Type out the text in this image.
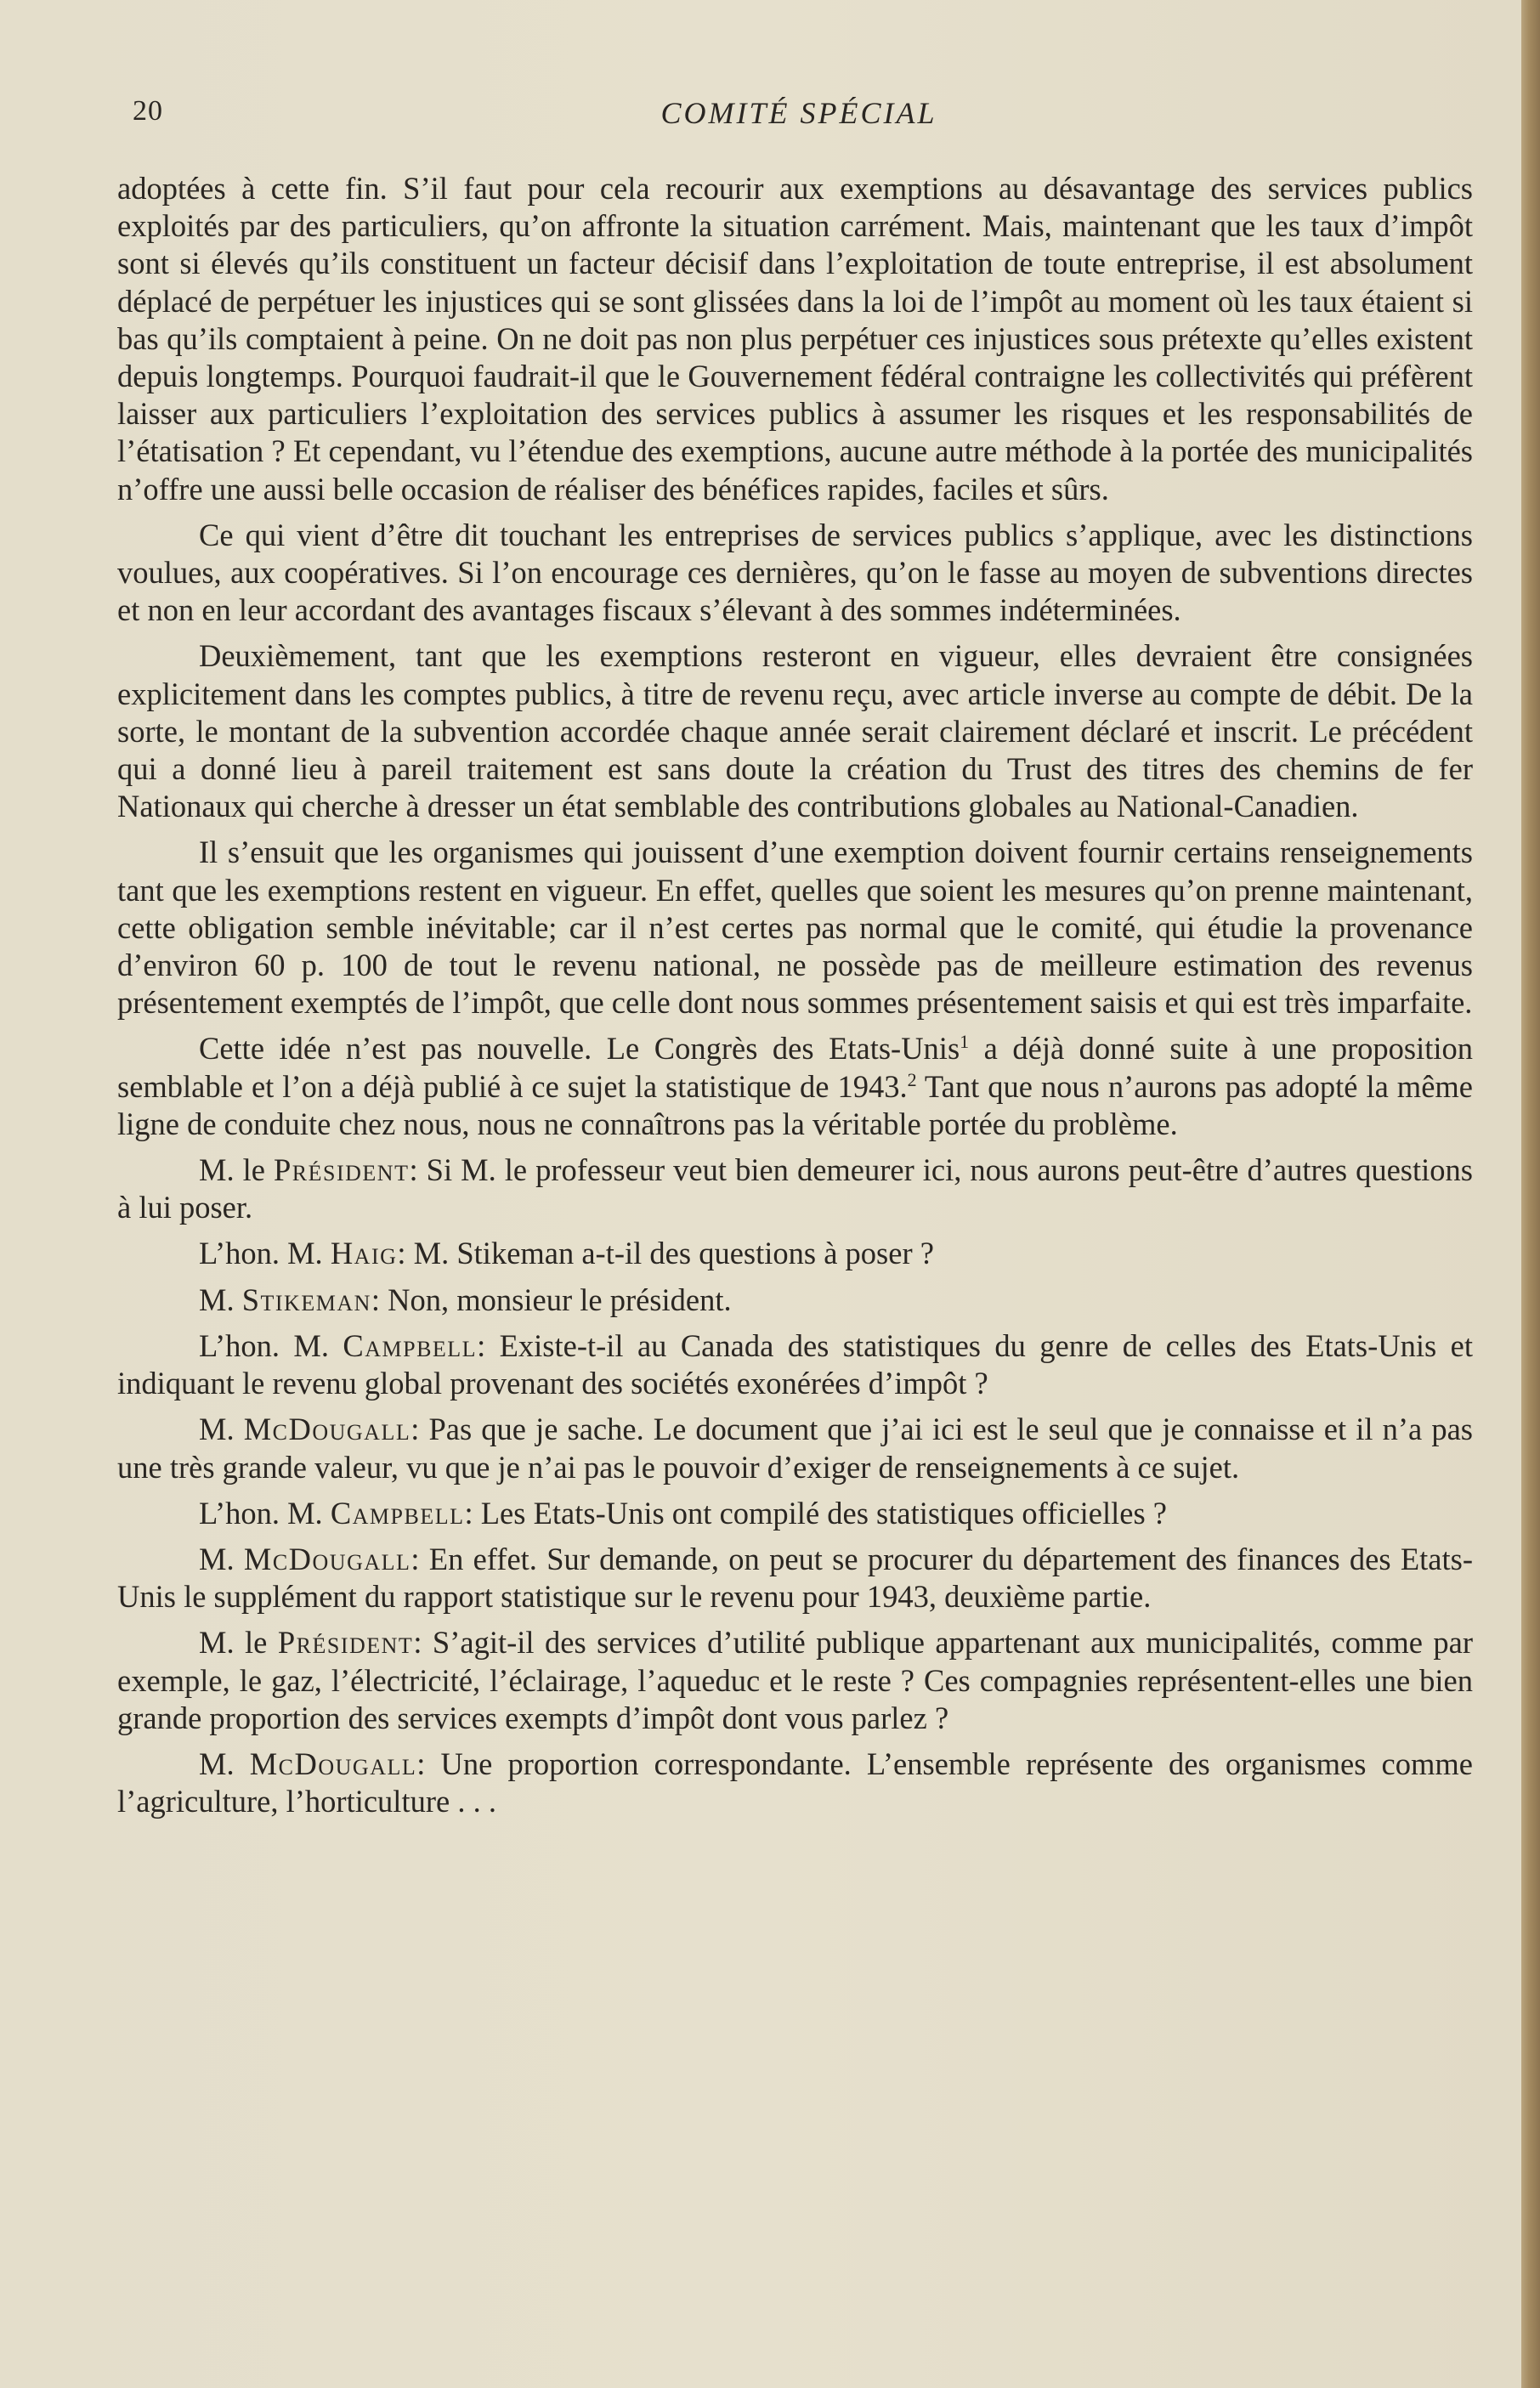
20	COMITÉ SPÉCIAL

adoptées à cette fin. S’il faut pour cela recourir aux exemptions au désavantage des services publics exploités par des particuliers, qu’on affronte la situation carrément. Mais, maintenant que les taux d’impôt sont si élevés qu’ils constituent un facteur décisif dans l’exploitation de toute entreprise, il est absolument déplacé de perpétuer les injustices qui se sont glissées dans la loi de l’impôt au moment où les taux étaient si bas qu’ils comptaient à peine. On ne doit pas non plus perpétuer ces injustices sous prétexte qu’elles existent depuis longtemps. Pourquoi faudrait-il que le Gouvernement fédéral contraigne les collectivités qui préfèrent laisser aux particuliers l’exploitation des services publics à assumer les risques et les responsabilités de l’étatisation ? Et cependant, vu l’étendue des exemptions, aucune autre méthode à la portée des municipalités n’offre une aussi belle occasion de réaliser des bénéfices rapides, faciles et sûrs.

Ce qui vient d’être dit touchant les entreprises de services publics s’applique, avec les distinctions voulues, aux coopératives. Si l’on encourage ces dernières, qu’on le fasse au moyen de subventions directes et non en leur accordant des avantages fiscaux s’élevant à des sommes indéterminées.

Deuxièmement, tant que les exemptions resteront en vigueur, elles devraient être consignées explicitement dans les comptes publics, à titre de revenu reçu, avec article inverse au compte de débit. De la sorte, le montant de la subvention accordée chaque année serait clairement déclaré et inscrit. Le précédent qui a donné lieu à pareil traitement est sans doute la création du Trust des titres des chemins de fer Nationaux qui cherche à dresser un état semblable des contributions globales au National-Canadien.

Il s’ensuit que les organismes qui jouissent d’une exemption doivent fournir certains renseignements tant que les exemptions restent en vigueur. En effet, quelles que soient les mesures qu’on prenne maintenant, cette obligation semble inévitable; car il n’est certes pas normal que le comité, qui étudie la provenance d’environ 60 p. 100 de tout le revenu national, ne possède pas de meilleure estimation des revenus présentement exemptés de l’impôt, que celle dont nous sommes présentement saisis et qui est très imparfaite.

Cette idée n’est pas nouvelle. Le Congrès des Etats-Unis$^1$ a déjà donné suite à une proposition semblable et l’on a déjà publié à ce sujet la statistique de 1943.$^2$ Tant que nous n’aurons pas adopté la même ligne de conduite chez nous, nous ne connaîtrons pas la véritable portée du problème.

M. le Président: Si M. le professeur veut bien demeurer ici, nous aurons peut-être d’autres questions à lui poser.

L’hon. M. Haig: M. Stikeman a-t-il des questions à poser ?

M. Stikeman: Non, monsieur le président.

L’hon. M. Campbell: Existe-t-il au Canada des statistiques du genre de celles des Etats-Unis et indiquant le revenu global provenant des sociétés exonérées d’impôt ?

M. McDougall: Pas que je sache. Le document que j’ai ici est le seul que je connaisse et il n’a pas une très grande valeur, vu que je n’ai pas le pouvoir d’exiger de renseignements à ce sujet.

L’hon. M. Campbell: Les Etats-Unis ont compilé des statistiques officielles ?

M. McDougall: En effet. Sur demande, on peut se procurer du département des finances des Etats-Unis le supplément du rapport statistique sur le revenu pour 1943, deuxième partie.

M. le Président: S’agit-il des services d’utilité publique appartenant aux municipalités, comme par exemple, le gaz, l’électricité, l’éclairage, l’aqueduc et le reste ? Ces compagnies représentent-elles une bien grande proportion des services exempts d’impôt dont vous parlez ?

M. McDougall: Une proportion correspondante. L’ensemble représente des organismes comme l’agriculture, l’horticulture . . .
